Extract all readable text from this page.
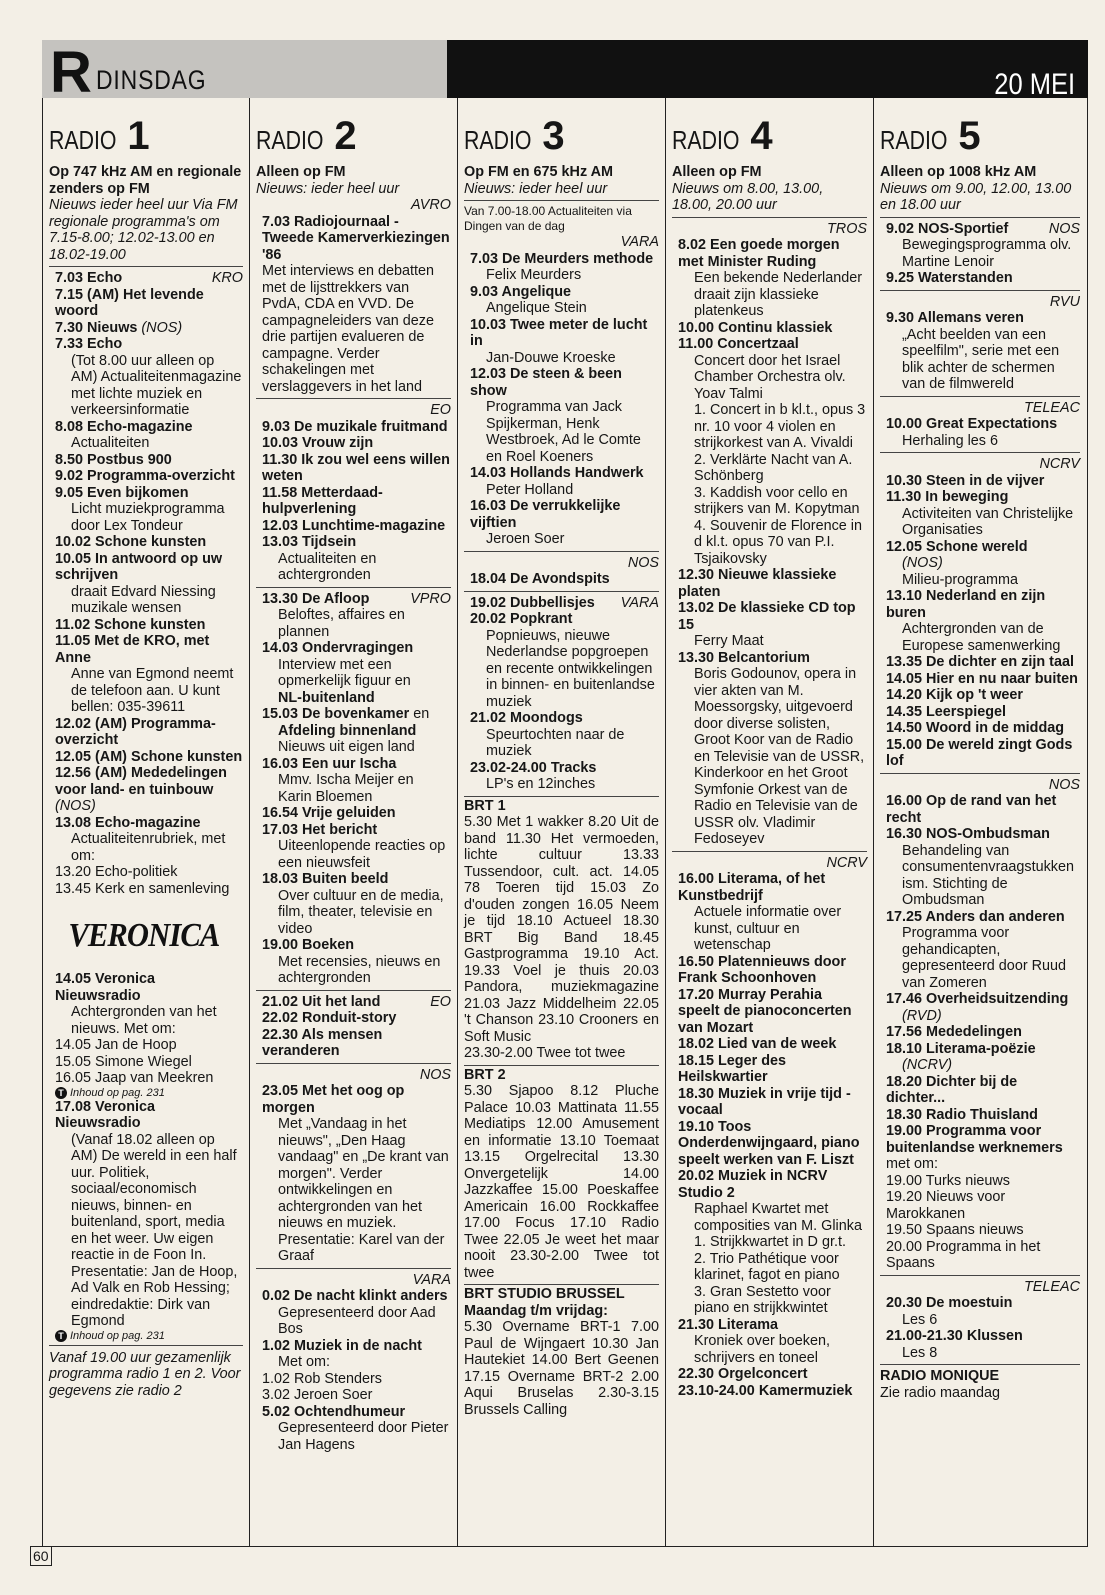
R DINSDAG	20 MEI
RADIO 1
Op 747 kHz AM en regionale zenders op FM
Nieuws ieder heel uur Via FM regionale programma's om 7.15-8.00; 12.02-13.00 en 18.02-19.00
7.03 Echo	KRO
7.15 (AM) Het levende woord
7.30 Nieuws (NOS)
7.33 Echo
(Tot 8.00 uur alleen op AM) Actualiteitenmagazine met lichte muziek en verkeersinformatie
8.08 Echo-magazine
Actualiteiten
8.50 Postbus 900
9.02 Programma-overzicht
9.05 Even bijkomen
Licht muziekprogramma door Lex Tondeur
10.02 Schone kunsten
10.05 In antwoord op uw schrijven
draait Edvard Niessing muzikale wensen
11.02 Schone kunsten
11.05 Met de KRO, met Anne
Anne van Egmond neemt de telefoon aan. U kunt bellen: 035-39611
12.02 (AM) Programma-overzicht
12.05 (AM) Schone kunsten
12.56 (AM) Mededelingen voor land- en tuinbouw (NOS)
13.08 Echo-magazine
Actualiteitenrubriek, met om:
13.20 Echo-politiek
13.45 Kerk en samenleving
VERONICA
14.05 Veronica Nieuwsradio
Achtergronden van het nieuws. Met om:
14.05 Jan de Hoop
15.05 Simone Wiegel
16.05 Jaap van Meekren
T Inhoud op pag. 231
17.08 Veronica Nieuwsradio
(Vanaf 18.02 alleen op AM) De wereld in een half uur. Politiek, sociaal/economisch nieuws, binnen- en buitenland, sport, media en het weer. Uw eigen reactie in de Foon In. Presentatie: Jan de Hoop, Ad Valk en Rob Hessing; eindredaktie: Dirk van Egmond
T Inhoud op pag. 231
Vanaf 19.00 uur gezamenlijk programma radio 1 en 2. Voor gegevens zie radio 2
RADIO 2
Alleen op FM
Nieuws: ieder heel uur
AVRO
7.03 Radiojournaal - Tweede Kamerverkiezingen '86
Met interviews en debatten met de lijsttrekkers van PvdA, CDA en VVD. De campagneleiders van deze drie partijen evalueren de campagne. Verder schakelingen met verslaggevers in het land
EO
9.03 De muzikale fruitmand
10.03 Vrouw zijn
11.30 Ik zou wel eens willen weten
11.58 Metterdaad-hulpverlening
12.03 Lunchtime-magazine
13.03 Tijdsein
Actualiteiten en achtergronden
13.30 De Afloop	VPRO
Beloftes, affaires en plannen
14.03 Ondervragingen
Interview met een opmerkelijk figuur en
NL-buitenland
15.03 De bovenkamer en
Afdeling binnenland
Nieuws uit eigen land
16.03 Een uur Ischa
Mmv. Ischa Meijer en Karin Bloemen
16.54 Vrije geluiden
17.03 Het bericht
Uiteenlopende reacties op een nieuwsfeit
18.03 Buiten beeld
Over cultuur en de media, film, theater, televisie en video
19.00 Boeken
Met recensies, nieuws en achtergronden
21.02 Uit het land	EO
22.02 Ronduit-story
22.30 Als mensen veranderen
NOS
23.05 Met het oog op morgen
Met „Vandaag in het nieuws", „Den Haag vandaag" en „De krant van morgen". Verder ontwikkelingen en achtergronden van het nieuws en muziek. Presentatie: Karel van der Graaf
VARA
0.02 De nacht klinkt anders
Gepresenteerd door Aad Bos
1.02 Muziek in de nacht
Met om:
1.02 Rob Stenders
3.02 Jeroen Soer
5.02 Ochtendhumeur
Gepresenteerd door Pieter Jan Hagens
RADIO 3
Op FM en 675 kHz AM
Nieuws: ieder heel uur
Van 7.00-18.00 Actualiteiten via Dingen van de dag
VARA
7.03 De Meurders methode
Felix Meurders
9.03 Angelique
Angelique Stein
10.03 Twee meter de lucht in
Jan-Douwe Kroeske
12.03 De steen & been show
Programma van Jack Spijkerman, Henk Westbroek, Ad le Comte en Roel Koeners
14.03 Hollands Handwerk
Peter Holland
16.03 De verrukkelijke vijftien
Jeroen Soer
NOS
18.04 De Avondspits
19.02 Dubbellisjes VARA
20.02 Popkrant
Popnieuws, nieuwe Nederlandse popgroepen en recente ontwikkelingen in binnen- en buitenlandse muziek
21.02 Moondogs
Speurtochten naar de muziek
23.02-24.00 Tracks
LP's en 12inches
BRT 1
5.30 Met 1 wakker 8.20 Uit de band 11.30 Het vermoeden, lichte cultuur 13.33 Tussendoor, cult. act. 14.05 78 Toeren tijd 15.03 Zo d'ouden zongen 16.05 Neem je tijd 18.10 Actueel 18.30 BRT Big Band 18.45 Gastprogramma 19.10 Act. 19.33 Voel je thuis 20.03 Pandora, muziekmagazine 21.03 Jazz Middelheim 22.05 't Chanson 23.10 Crooners en Soft Music
23.30-2.00 Twee tot twee
BRT 2
5.30 Sjapoo 8.12 Pluche Palace 10.03 Mattinata 11.55 Mediatips 12.00 Amusement en informatie 13.10 Toemaat 13.15 Orgelrecital 13.30 Onvergetelijk 14.00 Jazzkaffee 15.00 Poeskaffee Americain 16.00 Rockkaffee 17.00 Focus 17.10 Radio Twee 22.05 Je weet het maar nooit 23.30-2.00 Twee tot twee
BRT STUDIO BRUSSEL
Maandag t/m vrijdag:
5.30 Overname BRT-1 7.00 Paul de Wijngaert 10.30 Jan Hautekiet 14.00 Bert Geenen 17.15 Overname BRT-2 2.00 Aqui Bruselas 2.30-3.15 Brussels Calling
RADIO 4
Alleen op FM
Nieuws om 8.00, 13.00, 18.00, 20.00 uur
TROS
8.02 Een goede morgen met Minister Ruding
Een bekende Nederlander draait zijn klassieke platenkeus
10.00 Continu klassiek
11.00 Concertzaal
Concert door het Israel Chamber Orchestra olv. Yoav Talmi
1. Concert in b kl.t., opus 3 nr. 10 voor 4 violen en strijkorkest van A. Vivaldi
2. Verklärte Nacht van A. Schönberg
3. Kaddish voor cello en strijkers van M. Kopytman
4. Souvenir de Florence in d kl.t. opus 70 van P.I. Tsjaikovsky
12.30 Nieuwe klassieke platen
13.02 De klassieke CD top 15
Ferry Maat
13.30 Belcantorium
Boris Godounov, opera in vier akten van M. Moessorgsky, uitgevoerd door diverse solisten, Groot Koor van de Radio en Televisie van de USSR, Kinderkoor en het Groot Symfonie Orkest van de Radio en Televisie van de USSR olv. Vladimir Fedoseyev
NCRV
16.00 Literama, of het Kunstbedrijf
Actuele informatie over kunst, cultuur en wetenschap
16.50 Platennieuws door Frank Schoonhoven
17.20 Murray Perahia speelt de pianoconcerten van Mozart
18.02 Lied van de week
18.15 Leger des Heilskwartier
18.30 Muziek in vrije tijd - vocaal
19.10 Toos Onderdenwijngaard, piano speelt werken van F. Liszt
20.02 Muziek in NCRV Studio 2
Raphael Kwartet met composities van M. Glinka
1. Strijkkwartet in D gr.t.
2. Trio Pathétique voor klarinet, fagot en piano
3. Gran Sestetto voor piano en strijkkwintet
21.30 Literama
Kroniek over boeken, schrijvers en toneel
22.30 Orgelconcert
23.10-24.00 Kamermuziek
RADIO 5
Alleen op 1008 kHz AM
Nieuws om 9.00, 12.00, 13.00 en 18.00 uur
9.02 NOS-Sportief	NOS
Bewegingsprogramma olv. Martine Lenoir
9.25 Waterstanden
RVU
9.30 Allemans veren
„Acht beelden van een speelfilm", serie met een blik achter de schermen van de filmwereld
TELEAC
10.00 Great Expectations
Herhaling les 6
NCRV
10.30 Steen in de vijver
11.30 In beweging
Activiteiten van Christelijke Organisaties
12.05 Schone wereld
(NOS)
Milieu-programma
13.10 Nederland en zijn buren
Achtergronden van de Europese samenwerking
13.35 De dichter en zijn taal
14.05 Hier en nu naar buiten
14.20 Kijk op 't weer
14.35 Leerspiegel
14.50 Woord in de middag
15.00 De wereld zingt Gods lof
NOS
16.00 Op de rand van het recht
16.30 NOS-Ombudsman
Behandeling van consumentenvraagstukken ism. Stichting de Ombudsman
17.25 Anders dan anderen
Programma voor gehandicapten, gepresenteerd door Ruud van Zomeren
17.46 Overheidsuitzending
(RVD)
17.56 Mededelingen
18.10 Literama-poëzie
(NCRV)
18.20 Dichter bij de dichter...
18.30 Radio Thuisland
19.00 Programma voor buitenlandse werknemers met om:
19.00 Turks nieuws
19.20 Nieuws voor Marokkanen
19.50 Spaans nieuws
20.00 Programma in het Spaans
TELEAC
20.30 De moestuin
Les 6
21.00-21.30 Klussen
Les 8
RADIO MONIQUE
Zie radio maandag
60
